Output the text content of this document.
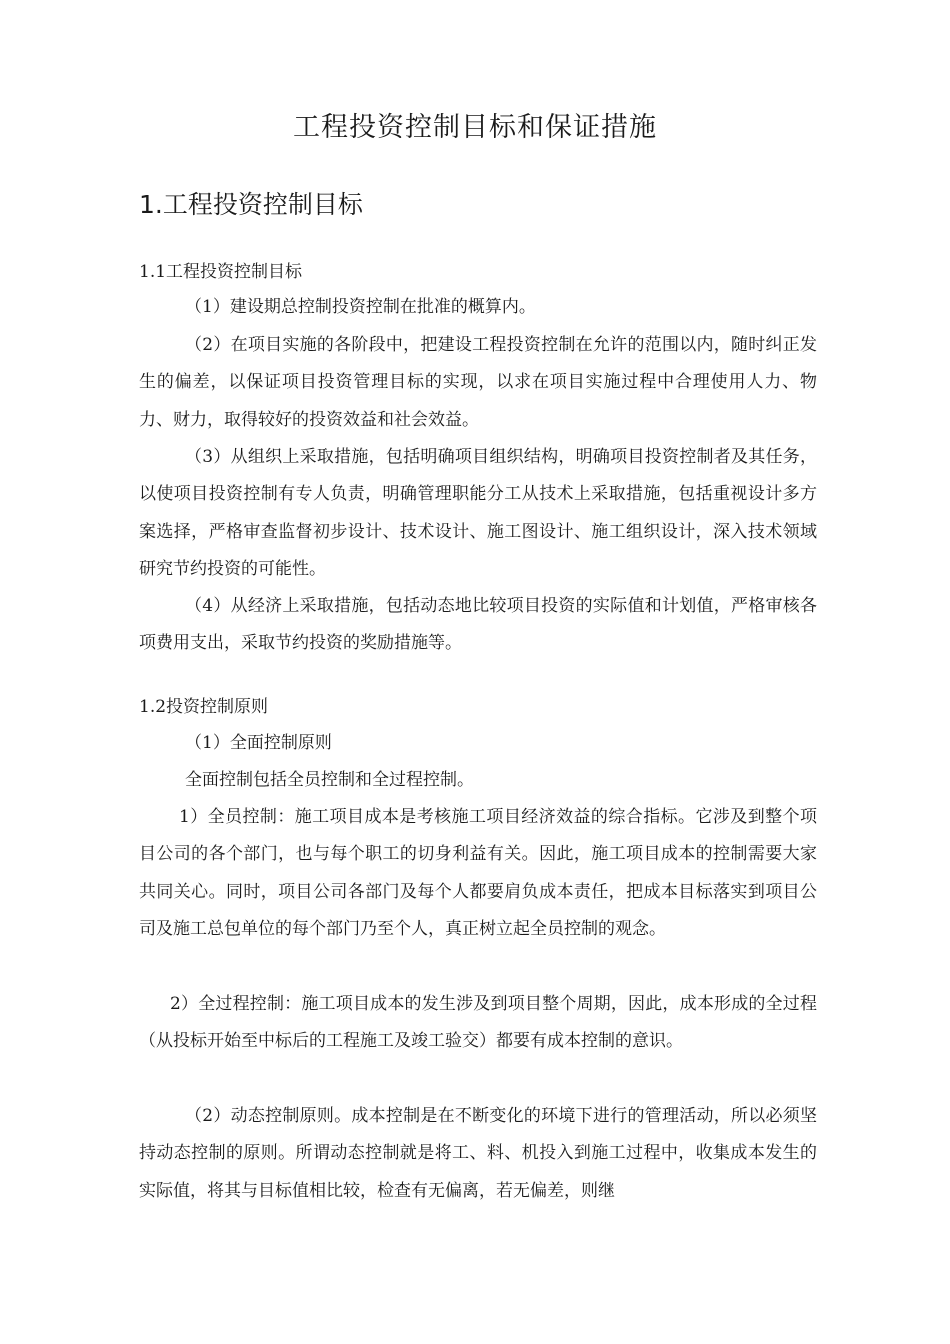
工程投资控制目标和保证措施
1.工程投资控制目标
1.1工程投资控制目标
（1）建设期总控制投资控制在批准的概算内。
（2）在项目实施的各阶段中，把建设工程投资控制在允许的范围以内，随时纠正发生的偏差，以保证项目投资管理目标的实现，以求在项目实施过程中合理使用人力、物力、财力，取得较好的投资效益和社会效益。
（3）从组织上采取措施，包括明确项目组织结构，明确项目投资控制者及其任务，以使项目投资控制有专人负责，明确管理职能分工从技术上采取措施，包括重视设计多方案选择，严格审查监督初步设计、技术设计、施工图设计、施工组织设计，深入技术领域研究节约投资的可能性。
（4）从经济上采取措施，包括动态地比较项目投资的实际值和计划值，严格审核各项费用支出，采取节约投资的奖励措施等。
1.2投资控制原则
（1）全面控制原则
全面控制包括全员控制和全过程控制。
1）全员控制：施工项目成本是考核施工项目经济效益的综合指标。它涉及到整个项目公司的各个部门，也与每个职工的切身利益有关。因此，施工项目成本的控制需要大家共同关心。同时，项目公司各部门及每个人都要肩负成本责任，把成本目标落实到项目公司及施工总包单位的每个部门乃至个人，真正树立起全员控制的观念。
2）全过程控制：施工项目成本的发生涉及到项目整个周期，因此，成本形成的全过程（从投标开始至中标后的工程施工及竣工验交）都要有成本控制的意识。
（2）动态控制原则。成本控制是在不断变化的环境下进行的管理活动，所以必须坚持动态控制的原则。所谓动态控制就是将工、料、机投入到施工过程中，收集成本发生的实际值，将其与目标值相比较，检查有无偏离，若无偏差，则继
